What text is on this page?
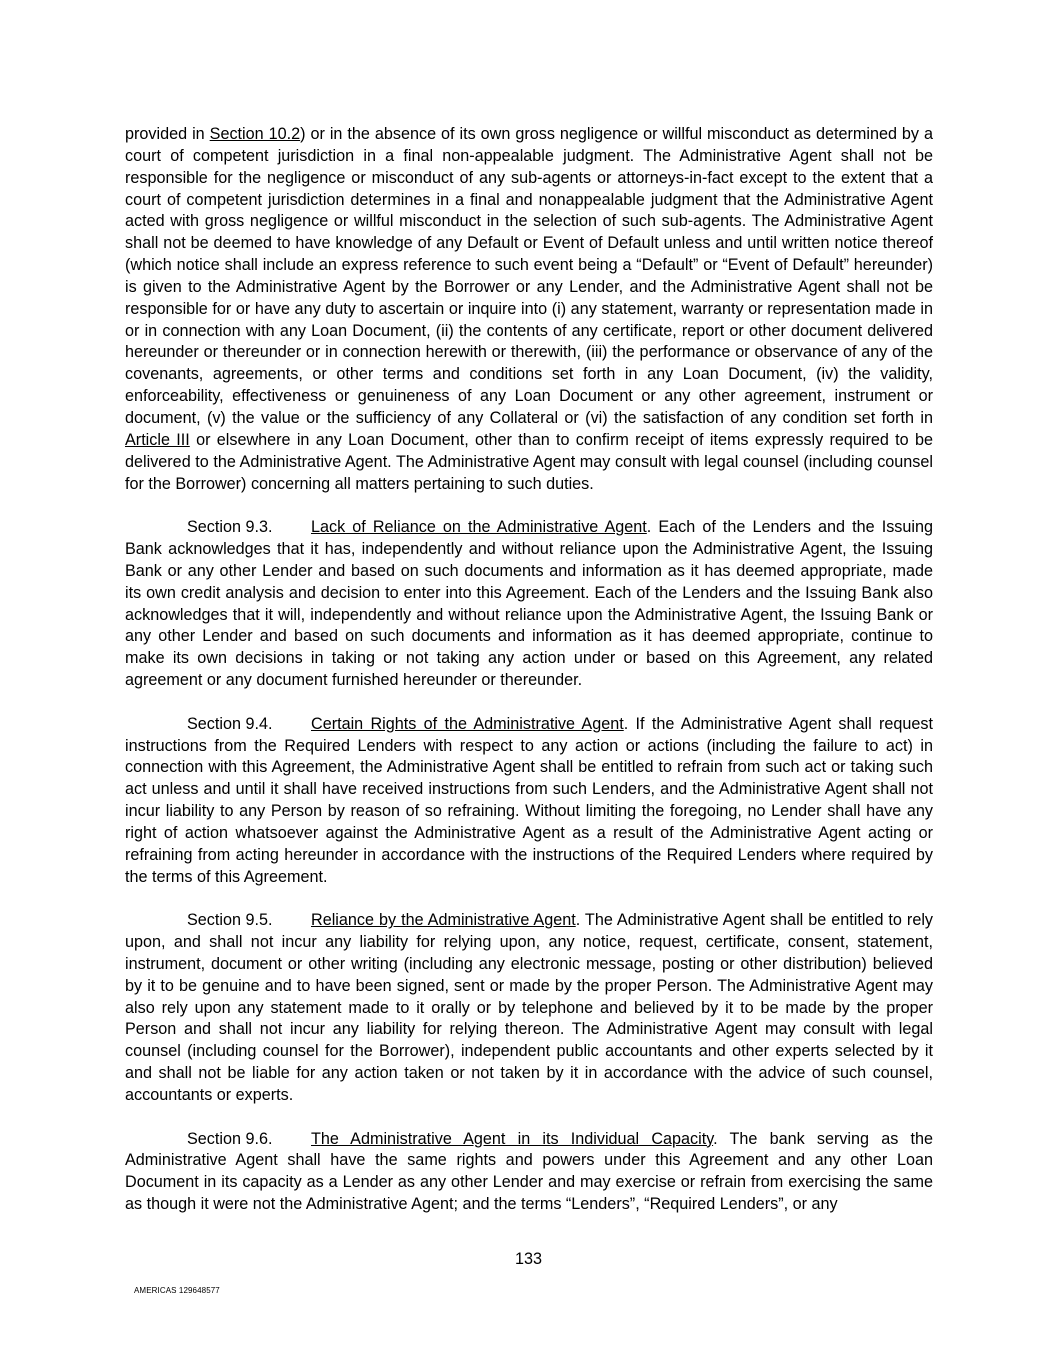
provided in Section 10.2) or in the absence of its own gross negligence or willful misconduct as determined by a court of competent jurisdiction in a final non-appealable judgment. The Administrative Agent shall not be responsible for the negligence or misconduct of any sub-agents or attorneys-in-fact except to the extent that a court of competent jurisdiction determines in a final and nonappealable judgment that the Administrative Agent acted with gross negligence or willful misconduct in the selection of such sub-agents. The Administrative Agent shall not be deemed to have knowledge of any Default or Event of Default unless and until written notice thereof (which notice shall include an express reference to such event being a “Default” or “Event of Default” hereunder) is given to the Administrative Agent by the Borrower or any Lender, and the Administrative Agent shall not be responsible for or have any duty to ascertain or inquire into (i) any statement, warranty or representation made in or in connection with any Loan Document, (ii) the contents of any certificate, report or other document delivered hereunder or thereunder or in connection herewith or therewith, (iii) the performance or observance of any of the covenants, agreements, or other terms and conditions set forth in any Loan Document, (iv) the validity, enforceability, effectiveness or genuineness of any Loan Document or any other agreement, instrument or document, (v) the value or the sufficiency of any Collateral or (vi) the satisfaction of any condition set forth in Article III or elsewhere in any Loan Document, other than to confirm receipt of items expressly required to be delivered to the Administrative Agent. The Administrative Agent may consult with legal counsel (including counsel for the Borrower) concerning all matters pertaining to such duties.

Section 9.3. Lack of Reliance on the Administrative Agent. Each of the Lenders and the Issuing Bank acknowledges that it has, independently and without reliance upon the Administrative Agent, the Issuing Bank or any other Lender and based on such documents and information as it has deemed appropriate, made its own credit analysis and decision to enter into this Agreement. Each of the Lenders and the Issuing Bank also acknowledges that it will, independently and without reliance upon the Administrative Agent, the Issuing Bank or any other Lender and based on such documents and information as it has deemed appropriate, continue to make its own decisions in taking or not taking any action under or based on this Agreement, any related agreement or any document furnished hereunder or thereunder.

Section 9.4. Certain Rights of the Administrative Agent. If the Administrative Agent shall request instructions from the Required Lenders with respect to any action or actions (including the failure to act) in connection with this Agreement, the Administrative Agent shall be entitled to refrain from such act or taking such act unless and until it shall have received instructions from such Lenders, and the Administrative Agent shall not incur liability to any Person by reason of so refraining. Without limiting the foregoing, no Lender shall have any right of action whatsoever against the Administrative Agent as a result of the Administrative Agent acting or refraining from acting hereunder in accordance with the instructions of the Required Lenders where required by the terms of this Agreement.

Section 9.5. Reliance by the Administrative Agent. The Administrative Agent shall be entitled to rely upon, and shall not incur any liability for relying upon, any notice, request, certificate, consent, statement, instrument, document or other writing (including any electronic message, posting or other distribution) believed by it to be genuine and to have been signed, sent or made by the proper Person. The Administrative Agent may also rely upon any statement made to it orally or by telephone and believed by it to be made by the proper Person and shall not incur any liability for relying thereon. The Administrative Agent may consult with legal counsel (including counsel for the Borrower), independent public accountants and other experts selected by it and shall not be liable for any action taken or not taken by it in accordance with the advice of such counsel, accountants or experts.

Section 9.6. The Administrative Agent in its Individual Capacity. The bank serving as the Administrative Agent shall have the same rights and powers under this Agreement and any other Loan Document in its capacity as a Lender as any other Lender and may exercise or refrain from exercising the same as though it were not the Administrative Agent; and the terms “Lenders”, “Required Lenders”, or any

133
AMERICAS 129648577
